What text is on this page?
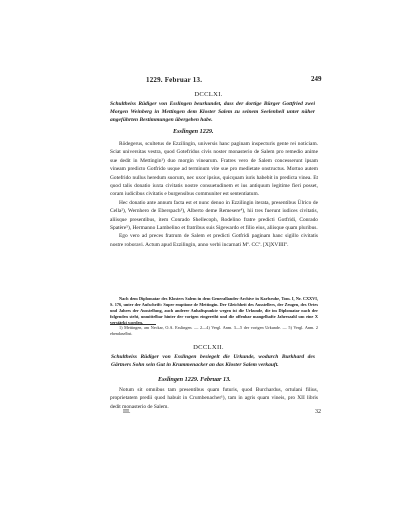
1229. Februar 13.	249
DCCLXI.
Schultheiss Rüdiger von Esslingen beurkundet, dass der dortige Bürger Gottfried zwei Morgen Weinberg in Mettingen dem Kloster Salem zu seinem Seelenheil unter näher angeführten Bestimmungen übergeben habe.
Esslingen 1229.

Rödegerus, scultetus de Ezzilingin, universis hanc paginam inspecturis gente rei noticiam. Sciat universitas vestra, quod Gotefridus civis noster monasterio de Salem pro remedio anime sue dedit in Mettingin¹) duo morgin vinearum. Fratres vero de Salem concesserunt ipsam vineam predicto Gotfrido usque ad terminum vite sue pro medietate onstructus. Mortuo autem Gotefrido nullus heredum suorum, nec uxor ipsius, quicquam iuris habebit in predicta vinea. Et quod talis donatio iuxta civitatis nostre consuetudinem et ius antiquum legitime fieri posset, coram iudicibus civitatis e burgensibus communiter est sententiatum.

Hec donatio ante annum facta est et nunc denuo in Ezzilingin iterata, presentibus Ülrico de Cella²), Wernhero de Eberspach³), Alberto deme Remesere⁴), hii tres fuerunt iudices civitatis, aliisque presentibus, item Conrado Shellecoph, Rodelino fratre predicti Gotfridi, Conrado Spatère⁵), Hermanno Lambelino et fratribus suis Sigewardo et filio eius, aliisque quam pluribus.

Ego vero ad preces fratrum de Salem et predicti Gotfridi paginam hanc sigillo civitatis nostre roboravi. Actum apud Ezzilingin, anno verbi incarnati Mº. CCº. [X]XVIIIIº.

Nach dem Diplomatar des Klosters Salem in dem Generallandes-Archive in Karlsruhe, Tom. I, Nr. CXXVI, S. 176, unter der Aufschrift: Super emptione de Mettingin. Der Gleichheit des Ausstellers, der Zeugen, des Ortes und Jahres der Ausstellung, auch anderer Anhaltspunkte wegen ist die Urkunde, die im Diplomatar nach der folgenden steht, unmittelbar hinter der vorigen eingereiht und die offenbar mangelhafte Jahreszahl um eine X verstärkt worden.

1) Mettingen, am Neckar, O.A. Esslingen. — 2—4) Vergl. Anm. 3—5 der vorigen Urkunde. — 5) Vergl. Anm. 2 ebendaselbst.

DCCLXII.
Schultheiss Rüdiger von Esslingen besiegelt die Urkunde, wodurch Burkhard des Gärtners Sohn sein Gut in Krummenacker an das Kloster Salem verkauft.
Esslingen 1229. Februar 13.

Notum sit omnibus tam presentibus quam futuris, quod Burchardus, ortulani filius, proprietatem predii quod habuit in Crumbenacher¹), tam in agris quam vineis, pro XII libris dedit monasterio de Salem.

III.	32
